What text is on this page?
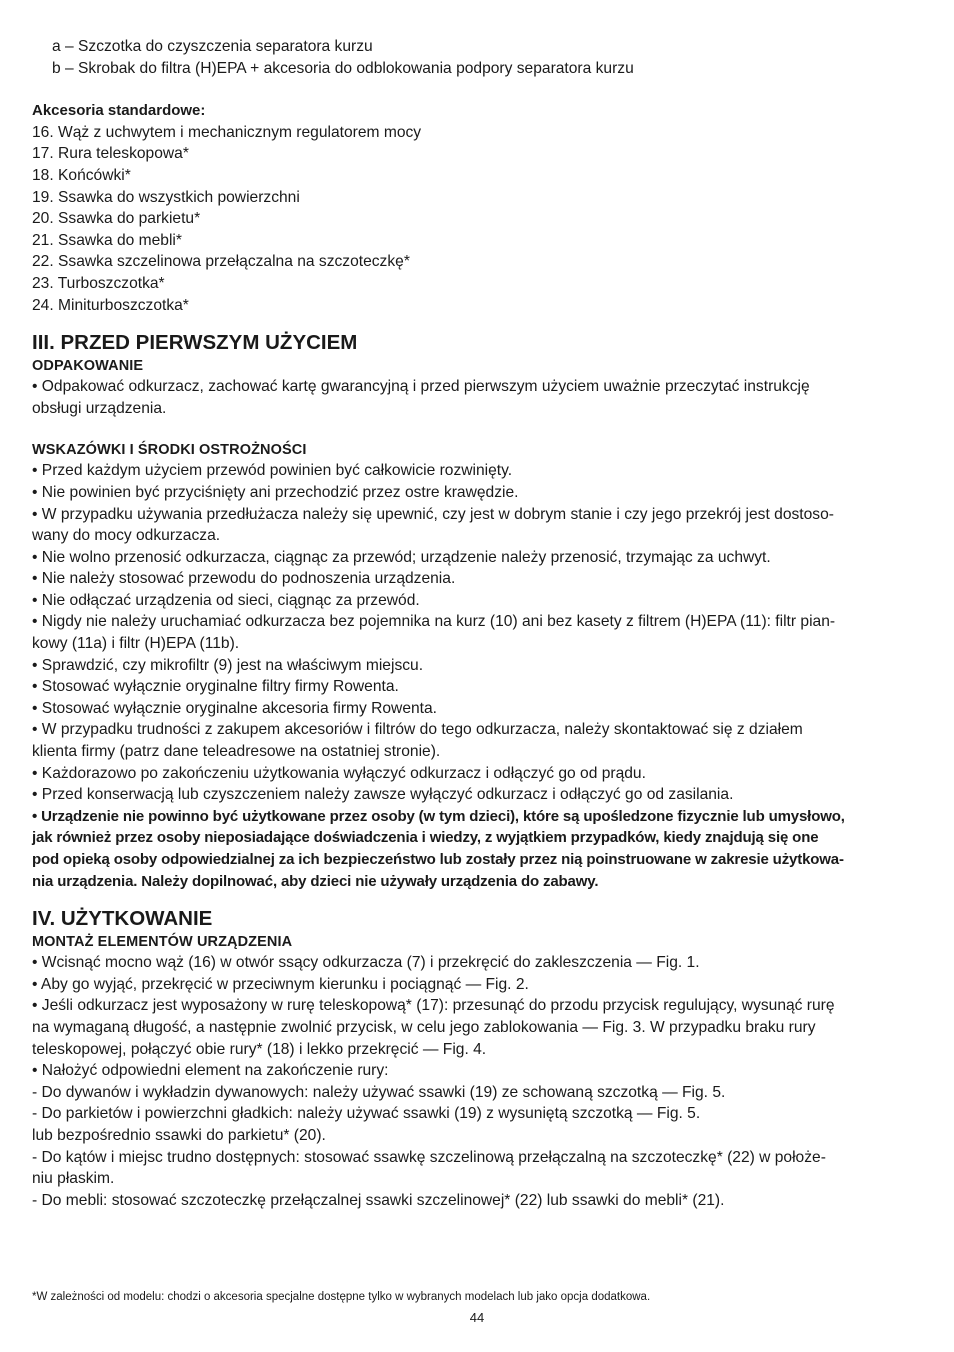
a – Szczotka do czyszczenia separatora kurzu

b – Skrobak do filtra (H)EPA + akcesoria do odblokowania podpory separatora kurzu

Akcesoria standardowe:

16. Wąż z uchwytem i mechanicznym regulatorem mocy

17. Rura teleskopowa*

18. Końcówki*

19. Ssawka do wszystkich powierzchni

20. Ssawka do parkietu*

21. Ssawka do mebli*

22. Ssawka szczelinowa przełączalna na szczoteczkę*

23. Turboszczotka*

24. Miniturboszczotka*

III. PRZED PIERWSZYM UŻYCIEM

ODPAKOWANIE

• Odpakować odkurzacz, zachować kartę gwarancyjną i przed pierwszym użyciem uważnie przeczytać instrukcję

obsługi urządzenia.

WSKAZÓWKI I ŚRODKI OSTROŻNOŚCI

• Przed każdym użyciem przewód powinien być całkowicie rozwinięty.

• Nie powinien być przyciśnięty ani przechodzić przez ostre krawędzie.

• W przypadku używania przedłużacza należy się upewnić, czy jest w dobrym stanie i czy jego przekrój jest dostoso-

wany do mocy odkurzacza.

• Nie wolno przenosić odkurzacza, ciągnąc za przewód; urządzenie należy przenosić, trzymając za uchwyt.

• Nie należy stosować przewodu do podnoszenia urządzenia.

• Nie odłączać urządzenia od sieci, ciągnąc za przewód.

• Nigdy nie należy uruchamiać odkurzacza bez pojemnika na kurz (10) ani bez kasety z filtrem (H)EPA (11): filtr pian-

kowy (11a) i filtr (H)EPA (11b).

• Sprawdzić, czy mikrofiltr (9) jest na właściwym miejscu.

• Stosować wyłącznie oryginalne filtry firmy Rowenta.

• Stosować wyłącznie oryginalne akcesoria firmy Rowenta.

• W przypadku trudności z zakupem akcesoriów i filtrów do tego odkurzacza, należy skontaktować się z działem

klienta firmy (patrz dane teleadresowe na ostatniej stronie).

• Każdorazowo po zakończeniu użytkowania wyłączyć odkurzacz i odłączyć go od prądu.

• Przed konserwacją lub czyszczeniem należy zawsze wyłączyć odkurzacz i odłączyć go od zasilania.

• Urządzenie nie powinno być użytkowane przez osoby (w tym dzieci), które są upośledzone fizycznie lub umysłowo,

jak również przez osoby nieposiadające doświadczenia i wiedzy, z wyjątkiem przypadków, kiedy znajdują się one

pod opieką osoby odpowiedzialnej za ich bezpieczeństwo lub zostały przez nią poinstruowane w zakresie użytkowa-

nia urządzenia. Należy dopilnować, aby dzieci nie używały urządzenia do zabawy.

IV. UŻYTKOWANIE

MONTAŻ ELEMENTÓW URZĄDZENIA

• Wcisnąć mocno wąż (16) w otwór ssący odkurzacza (7) i przekręcić do zakleszczenia — Fig. 1.

• Aby go wyjąć, przekręcić w przeciwnym kierunku i pociągnąć — Fig. 2.

• Jeśli odkurzacz jest wyposażony w rurę teleskopową* (17): przesunąć do przodu przycisk regulujący, wysunąć rurę

na wymaganą długość, a następnie zwolnić przycisk, w celu jego zablokowania — Fig. 3. W przypadku braku rury

teleskopowej, połączyć obie rury* (18) i lekko przekręcić — Fig. 4.

• Nałożyć odpowiedni element na zakończenie rury:

- Do dywanów i wykładzin dywanowych: należy używać ssawki (19) ze schowaną szczotką — Fig. 5.

- Do parkietów i powierzchni gładkich: należy używać ssawki (19) z wysuniętą szczotką — Fig. 5.

lub bezpośrednio ssawki do parkietu* (20).

- Do kątów i miejsc trudno dostępnych: stosować ssawkę szczelinową przełączalną na szczoteczkę* (22) w położe-

niu płaskim.

- Do mebli: stosować szczoteczkę przełączalnej ssawki szczelinowej* (22) lub ssawki do mebli* (21).

*W zależności od modelu: chodzi o akcesoria specjalne dostępne tylko w wybranych modelach lub jako opcja dodatkowa.

44
